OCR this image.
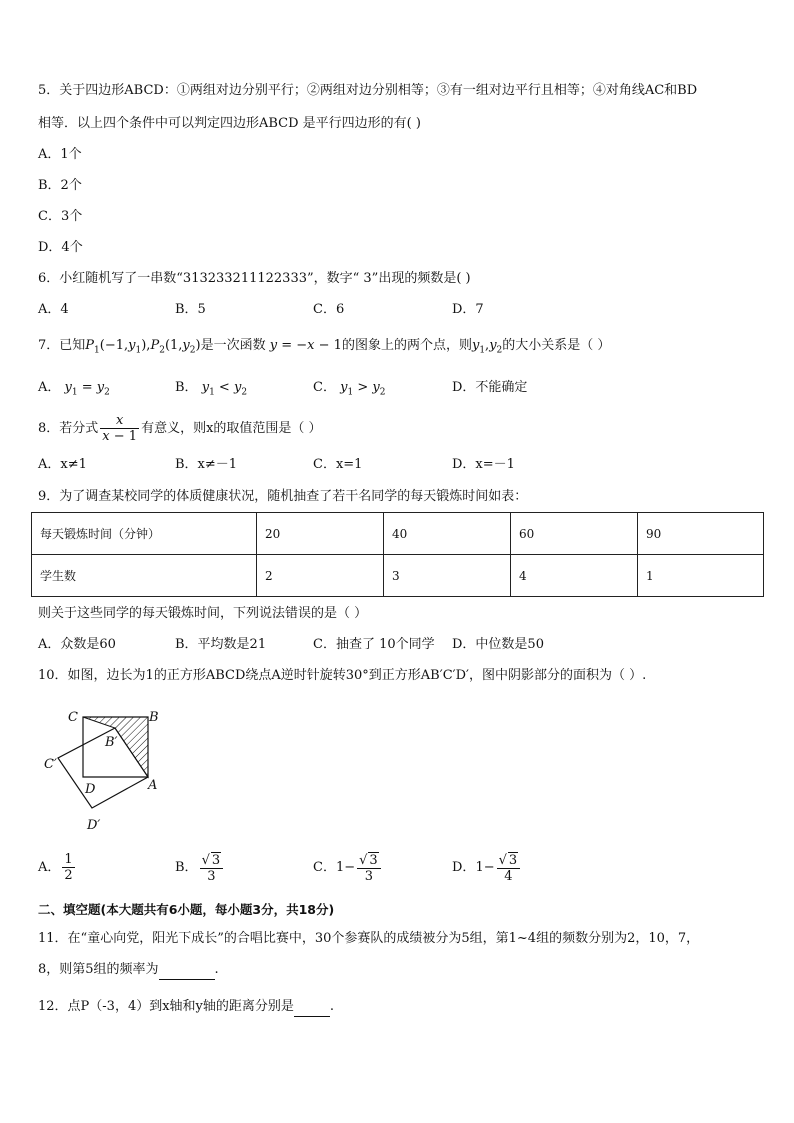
5．关于四边形ABCD：①两组对边分别平行；②两组对边分别相等；③有一组对边平行且相等；④对角线AC和BD
相等．以上四个条件中可以判定四边形ABCD 是平行四边形的有( )
A．1个
B．2个
C．3个
D．4个
6．小红随机写了一串数“313233211122333”，数字“ 3”出现的频数是( )
A．4	B．5	C．6	D．7
7．已知$P_1(-1,y_1),P_2(1,y_2)$是一次函数 y = −x − 1的图象上的两个点，则$y_1,y_2$的大小关系是（ ）
A． $y_1 = y_2$	B． $y_1 < y_2$	C． $y_1 > y_2$	D．不能确定
8．若分式 $\frac{x}{x - 1}$ 有意义，则x的取值范围是（ ）
A．x≠1	B．x≠－1	C．x=1	D．x=－1
9．为了调查某校同学的体质健康状况，随机抽查了若干名同学的每天锻炼时间如表：
每天锻炼时间（分钟）	20	40	60	90
学生数	2	3	4	1
则关于这些同学的每天锻炼时间，下列说法错误的是（ ）
A．众数是60	B．平均数是21	C．抽查了 10个同学 D．中位数是50
10．如图，边长为1的正方形ABCD绕点A逆时针旋转30°到正方形AB′C′D′，图中阴影部分的面积为（ ）.
C	B
B′
C′
D	A
D′
A． $\frac{1}{2}$	B． $\frac{√ 3}{3}$	C．$1- \frac{√ 3}{3}$	D．$1- \frac{√ 3}{4}$
二、填空题(本大题共有6小题，每小题3分，共18分)
11．在“童心向党，阳光下成长”的合唱比赛中，30个参赛队的成绩被分为5组，第1~4组的频数分别为2，10，7，
8，则第5组的频率为	.
12．点P（-3，4）到x轴和y轴的距离分别是	.
